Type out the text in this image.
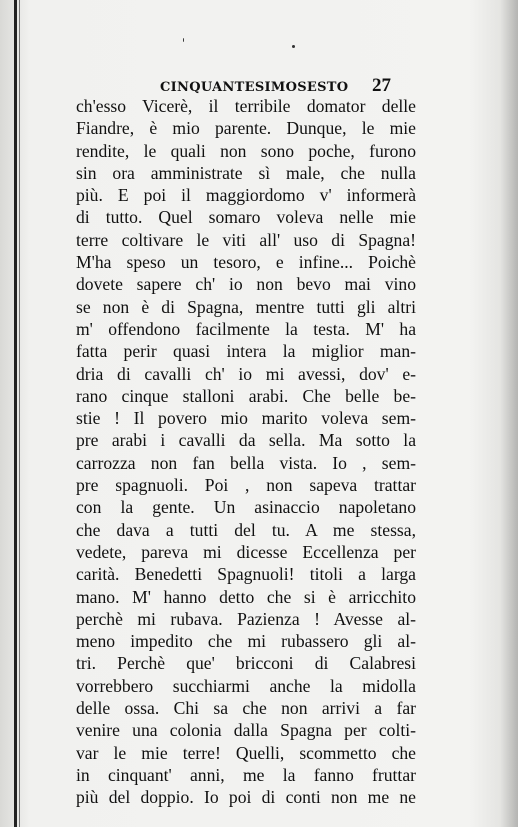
CINQUANTESIMOSESTO 27
ch'esso Vicerè, il terribile domator delle
Fiandre, è mio parente. Dunque, le mie
rendite, le quali non sono poche, furono
sin ora amministrate sì male, che nulla
più. E poi il maggiordomo v' informerà
di tutto. Quel somaro voleva nelle mie
terre coltivare le viti all' uso di Spagna!
M'ha speso un tesoro, e infine... Poichè
dovete sapere ch' io non bevo mai vino
se non è di Spagna, mentre tutti gli altri
m' offendono facilmente la testa. M' ha
fatta perir quasi intera la miglior man-
dria di cavalli ch' io mi avessi, dov' e-
rano cinque stalloni arabi. Che belle be-
stie ! Il povero mio marito voleva sem-
pre arabi i cavalli da sella. Ma sotto la
carrozza non fan bella vista. Io , sem-
pre spagnuoli. Poi , non sapeva trattar
con la gente. Un asinaccio napoletano
che dava a tutti del tu. A me stessa,
vedete, pareva mi dicesse Eccellenza per
carità. Benedetti Spagnuoli! titoli a larga
mano. M' hanno detto che si è arricchito
perchè mi rubava. Pazienza ! Avesse al-
meno impedito che mi rubassero gli al-
tri. Perchè que' bricconi di Calabresi
vorrebbero succhiarmi anche la midolla
delle ossa. Chi sa che non arrivi a far
venire una colonia dalla Spagna per colti-
var le mie terre! Quelli, scommetto che
in cinquant' anni, me la fanno fruttar
più del doppio. Io poi di conti non me ne
